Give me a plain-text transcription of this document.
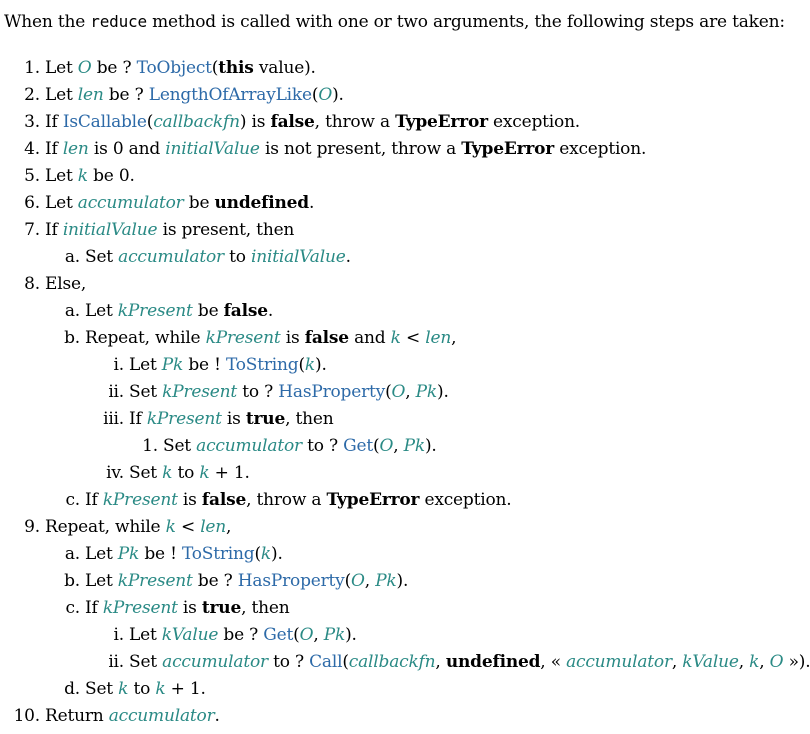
When the reduce method is called with one or two arguments, the following steps are taken:
1. Let O be ? ToObject(this value).
2. Let len be ? LengthOfArrayLike(O).
3. If IsCallable(callbackfn) is false, throw a TypeError exception.
4. If len is 0 and initialValue is not present, throw a TypeError exception.
5. Let k be 0.
6. Let accumulator be undefined.
7. If initialValue is present, then
a. Set accumulator to initialValue.
8. Else,
a. Let kPresent be false.
b. Repeat, while kPresent is false and k < len,
i. Let Pk be ! ToString(k).
ii. Set kPresent to ? HasProperty(O, Pk).
iii. If kPresent is true, then
1. Set accumulator to ? Get(O, Pk).
iv. Set k to k + 1.
c. If kPresent is false, throw a TypeError exception.
9. Repeat, while k < len,
a. Let Pk be ! ToString(k).
b. Let kPresent be ? HasProperty(O, Pk).
c. If kPresent is true, then
i. Let kValue be ? Get(O, Pk).
ii. Set accumulator to ? Call(callbackfn, undefined, « accumulator, kValue, k, O »).
d. Set k to k + 1.
10. Return accumulator.
